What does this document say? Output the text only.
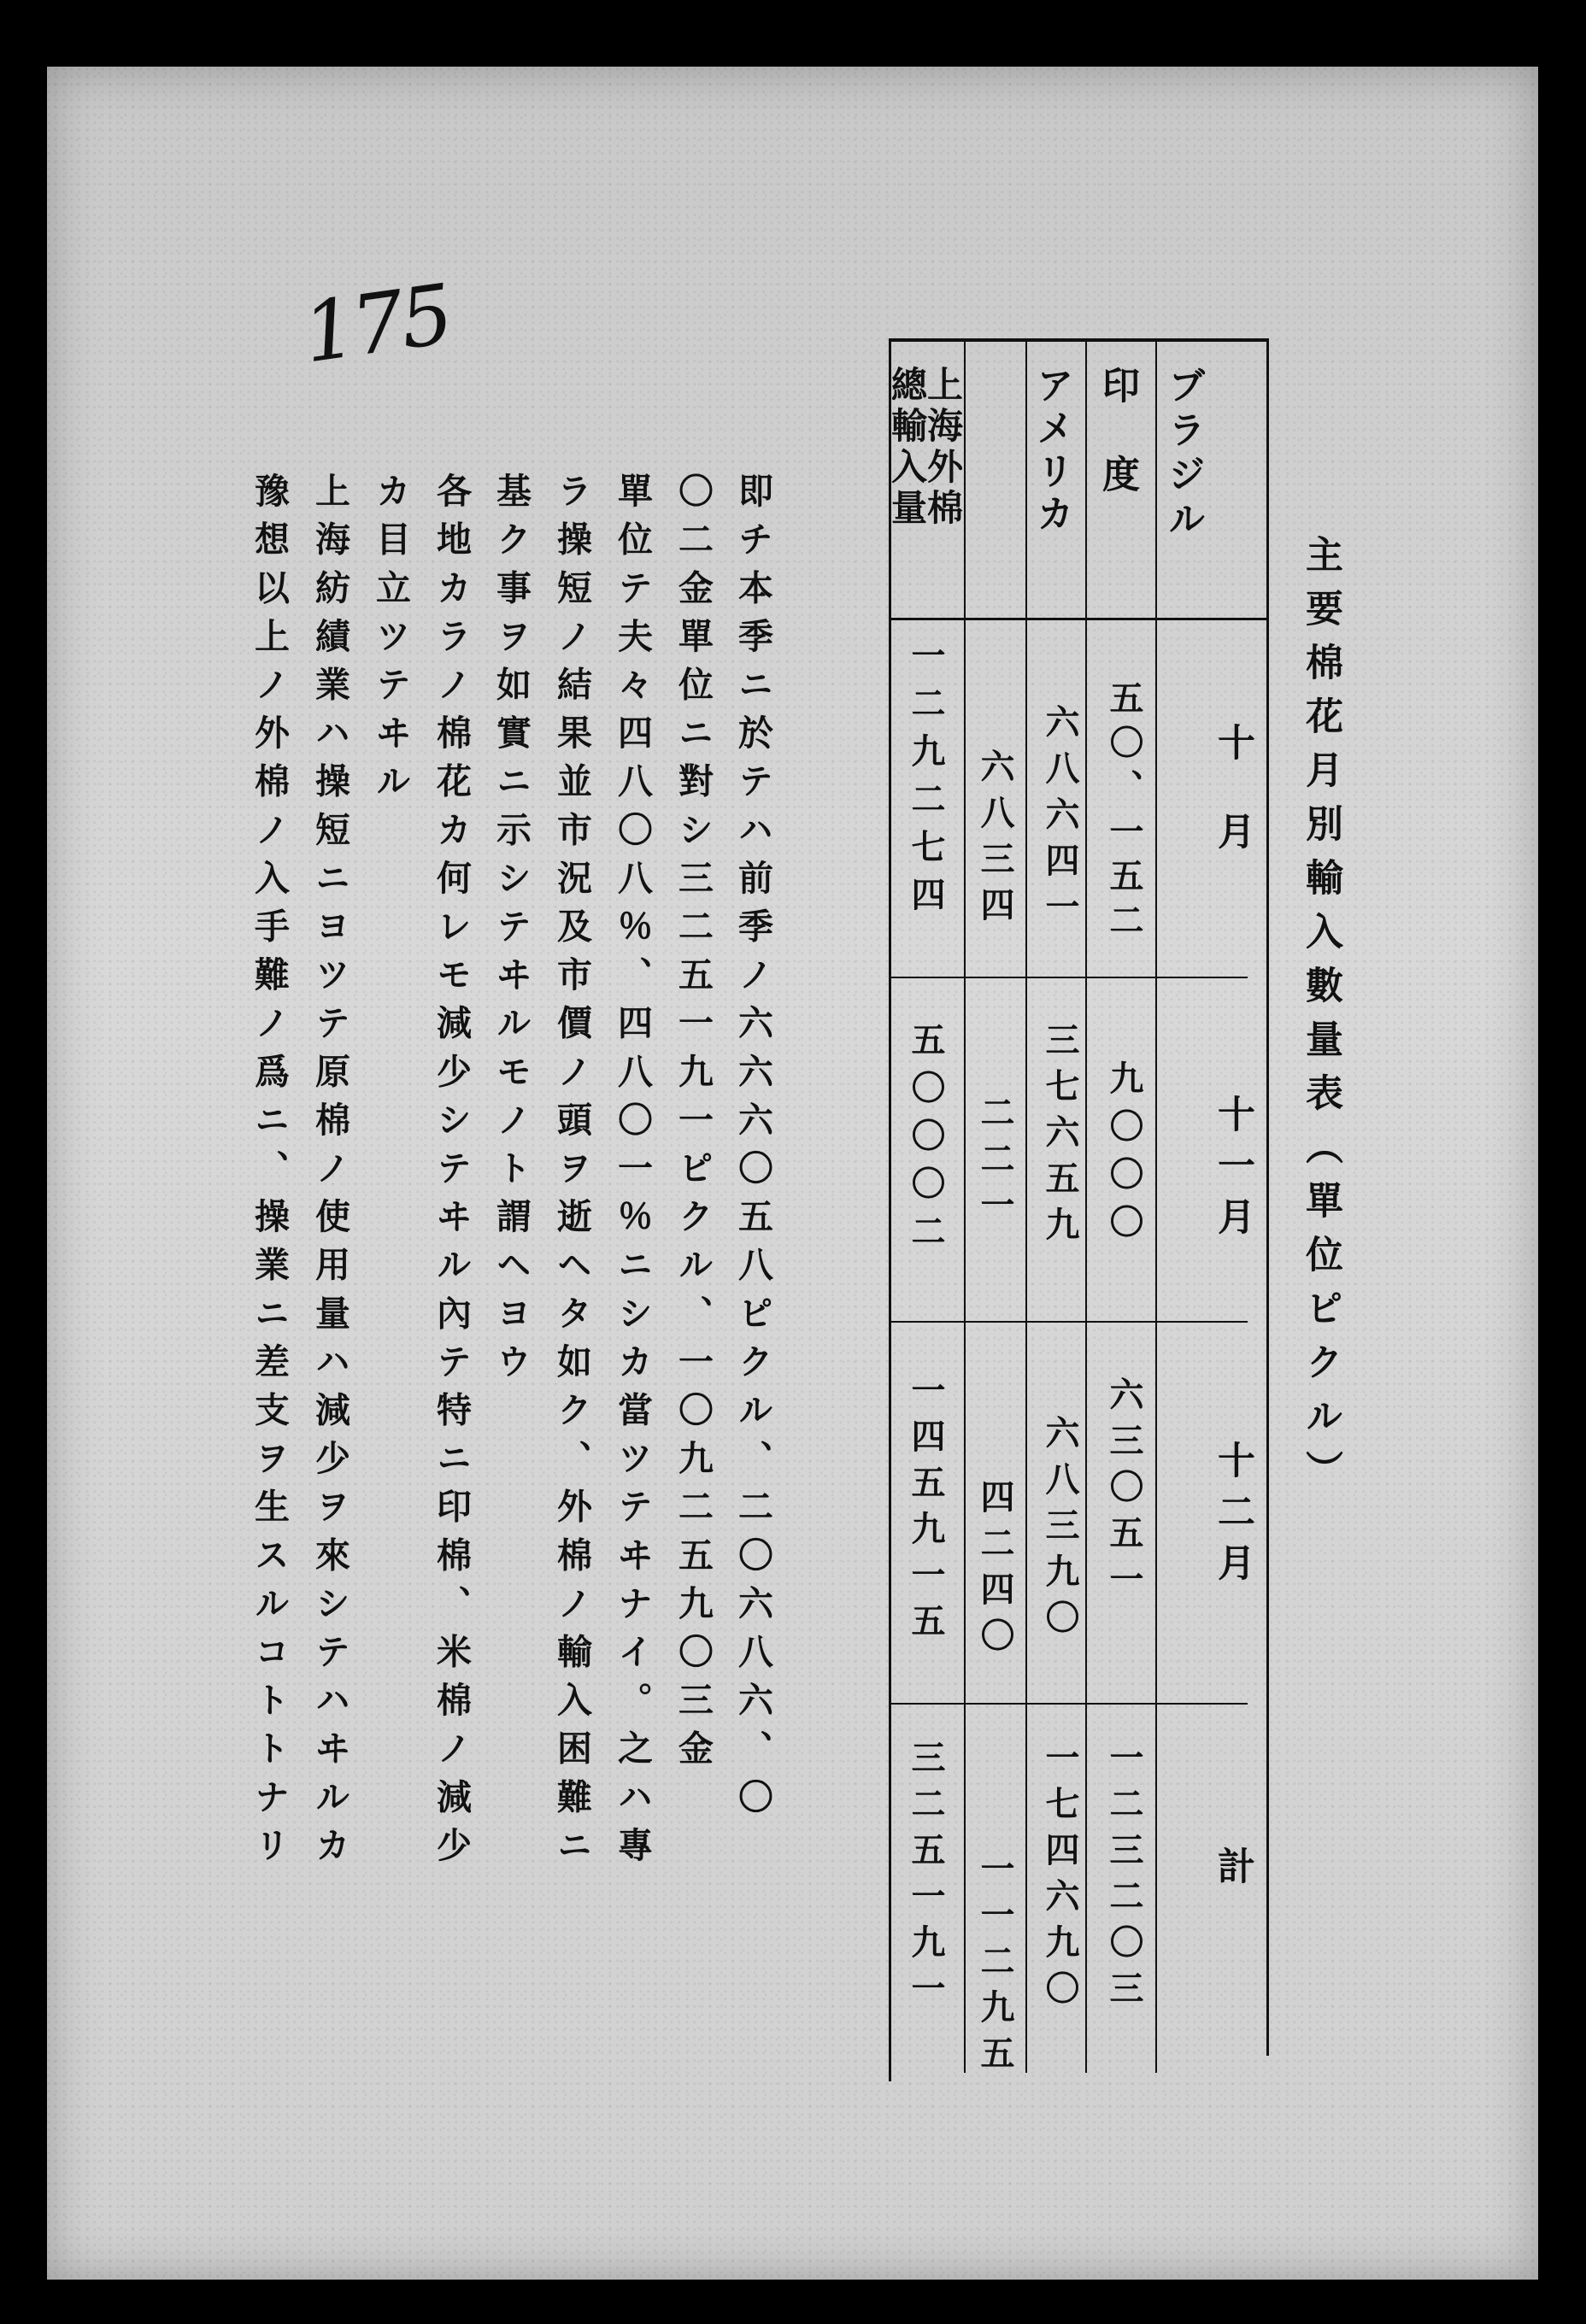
175
主要棉花月別輸入數量表（單位ピクル）
ブラジル
印度
アメリカ
上海外棉總輸入量
十月
十一月
十二月
計
五〇、一五二
九〇〇〇
六三〇五一
一二三二〇三
六八六四一
三七六五九
六八三九〇
一七四六九〇
六八三四
二二一
四二四〇
一一二九五
一二九二七四
五〇〇〇二
一四五九一五
三二五一九一
即チ本季ニ於テハ前季ノ六六六〇五八ピクル、二〇六八六、〇
〇二金單位ニ對シ三二五一九一ピクル、一〇九二五九〇三金
單位テ夫々四八〇八％、四八〇一％ニシカ當ツテヰナイ。之ハ專
ラ操短ノ結果並市況及市價ノ頭ヲ逝ヘタ如ク、外棉ノ輸入困難ニ
基ク事ヲ如實ニ示シテヰルモノト謂ヘヨウ
各地カラノ棉花カ何レモ減少シテヰル內テ特ニ印棉、米棉ノ減少
カ目立ツテヰル
上海紡績業ハ操短ニヨツテ原棉ノ使用量ハ減少ヲ來シテハヰルカ
豫想以上ノ外棉ノ入手難ノ爲ニ、操業ニ差支ヲ生スルコトトナリ
